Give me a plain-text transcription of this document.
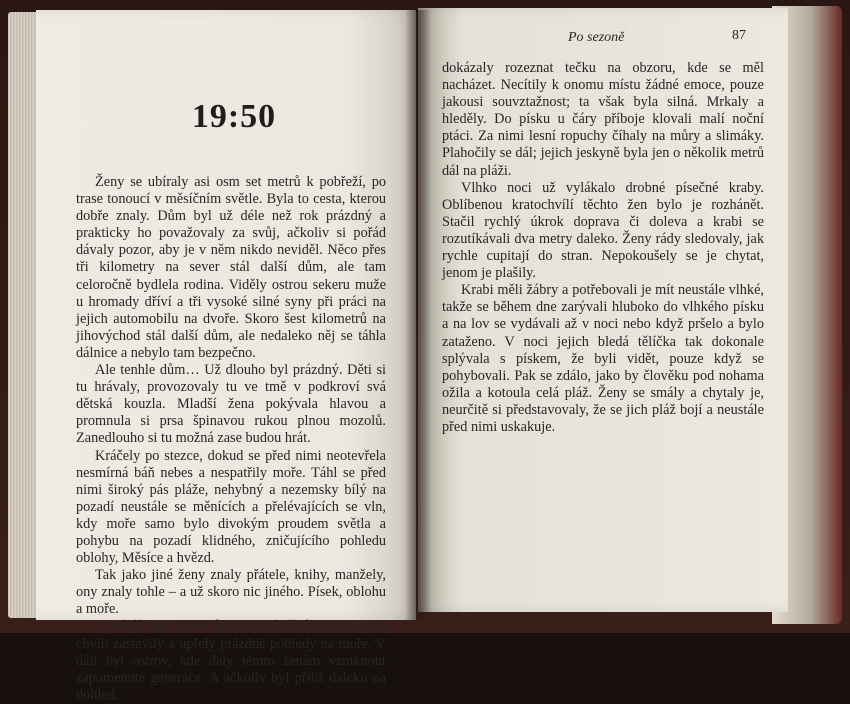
19:50

Ženy se ubíraly asi osm set metrů k pobřeží, po trase tonoucí v měsíčním světle. Byla to cesta, kterou dobře znaly. Dům byl už déle než rok prázdný a prakticky ho považovaly za svůj, ačkoliv si pořád dávaly pozor, aby je v něm nikdo neviděl. Něco přes tři kilometry na sever stál další dům, ale tam celoročně bydlela rodina. Viděly ostrou sekeru muže u hromady dříví a tři vysoké silné syny při práci na jejich automobilu na dvoře. Skoro šest kilometrů na jihovýchod stál další dům, ale nedaleko něj se táhla dálnice a nebylo tam bezpečno.

Ale tenhle dům… Už dlouho byl prázdný. Děti si tu hrávaly, provozovaly tu ve tmě v podkroví svá dětská kouzla. Mladší žena pokývala hlavou a promnula si prsa špinavou rukou plnou mozolů. Zanedlouho si tu možná zase budou hrát.

Kráčely po stezce, dokud se před nimi neotevřela nesmírná báň nebes a nespatřily moře. Táhl se před nimi široký pás pláže, nehybný a nezemsky bílý na pozadí neustále se měnících a přelévajících se vln, kdy moře samo bylo divokým proudem světla a pohybu na pozadí klidného, zničujícího pohledu oblohy, Měsíce a hvězd.

Tak jako jiné ženy znaly přátele, knihy, manžely, ony znaly tohle – a už skoro nic jiného. Písek, oblohu a moře.

V místě, kde stezka ústila do písečných dun, se na chvíli zastavily a upřely prázdné pohledy na moře. V dáli byl ostrov, kde daly těmto ženám vzniknout zapomenuté generace. A ačkoliv byl příliš daleko na dohled,

Po sezoně	87

dokázaly rozeznat tečku na obzoru, kde se měl nacházet. Necítily k onomu místu žádné emoce, pouze jakousi souvztažnost; ta však byla silná. Mrkaly a hleděly. Do písku u čáry příboje klovali malí noční ptáci. Za nimi lesní ropuchy číhaly na můry a slimáky. Plahočily se dál; jejich jeskyně byla jen o několik metrů dál na pláži.

Vlhko noci už vylákalo drobné písečné kraby. Oblíbenou kratochvílí těchto žen bylo je rozhánět. Stačil rychlý úkrok doprava či doleva a krabi se rozutíkávali dva metry daleko. Ženy rády sledovaly, jak rychle cupitají do stran. Nepokoušely se je chytat, jenom je plašily.

Krabi měli žábry a potřebovali je mít neustále vlhké, takže se během dne zarývali hluboko do vlhkého písku a na lov se vydávali až v noci nebo když pršelo a bylo zataženo. V noci jejich bledá tělíčka tak dokonale splývala s pískem, že byli vidět, pouze když se pohybovali. Pak se zdálo, jako by člověku pod nohama ožila a kotoula celá pláž. Ženy se smály a chytaly je, neurčitě si představovaly, že se jich pláž bojí a neustále před nimi uskakuje.
